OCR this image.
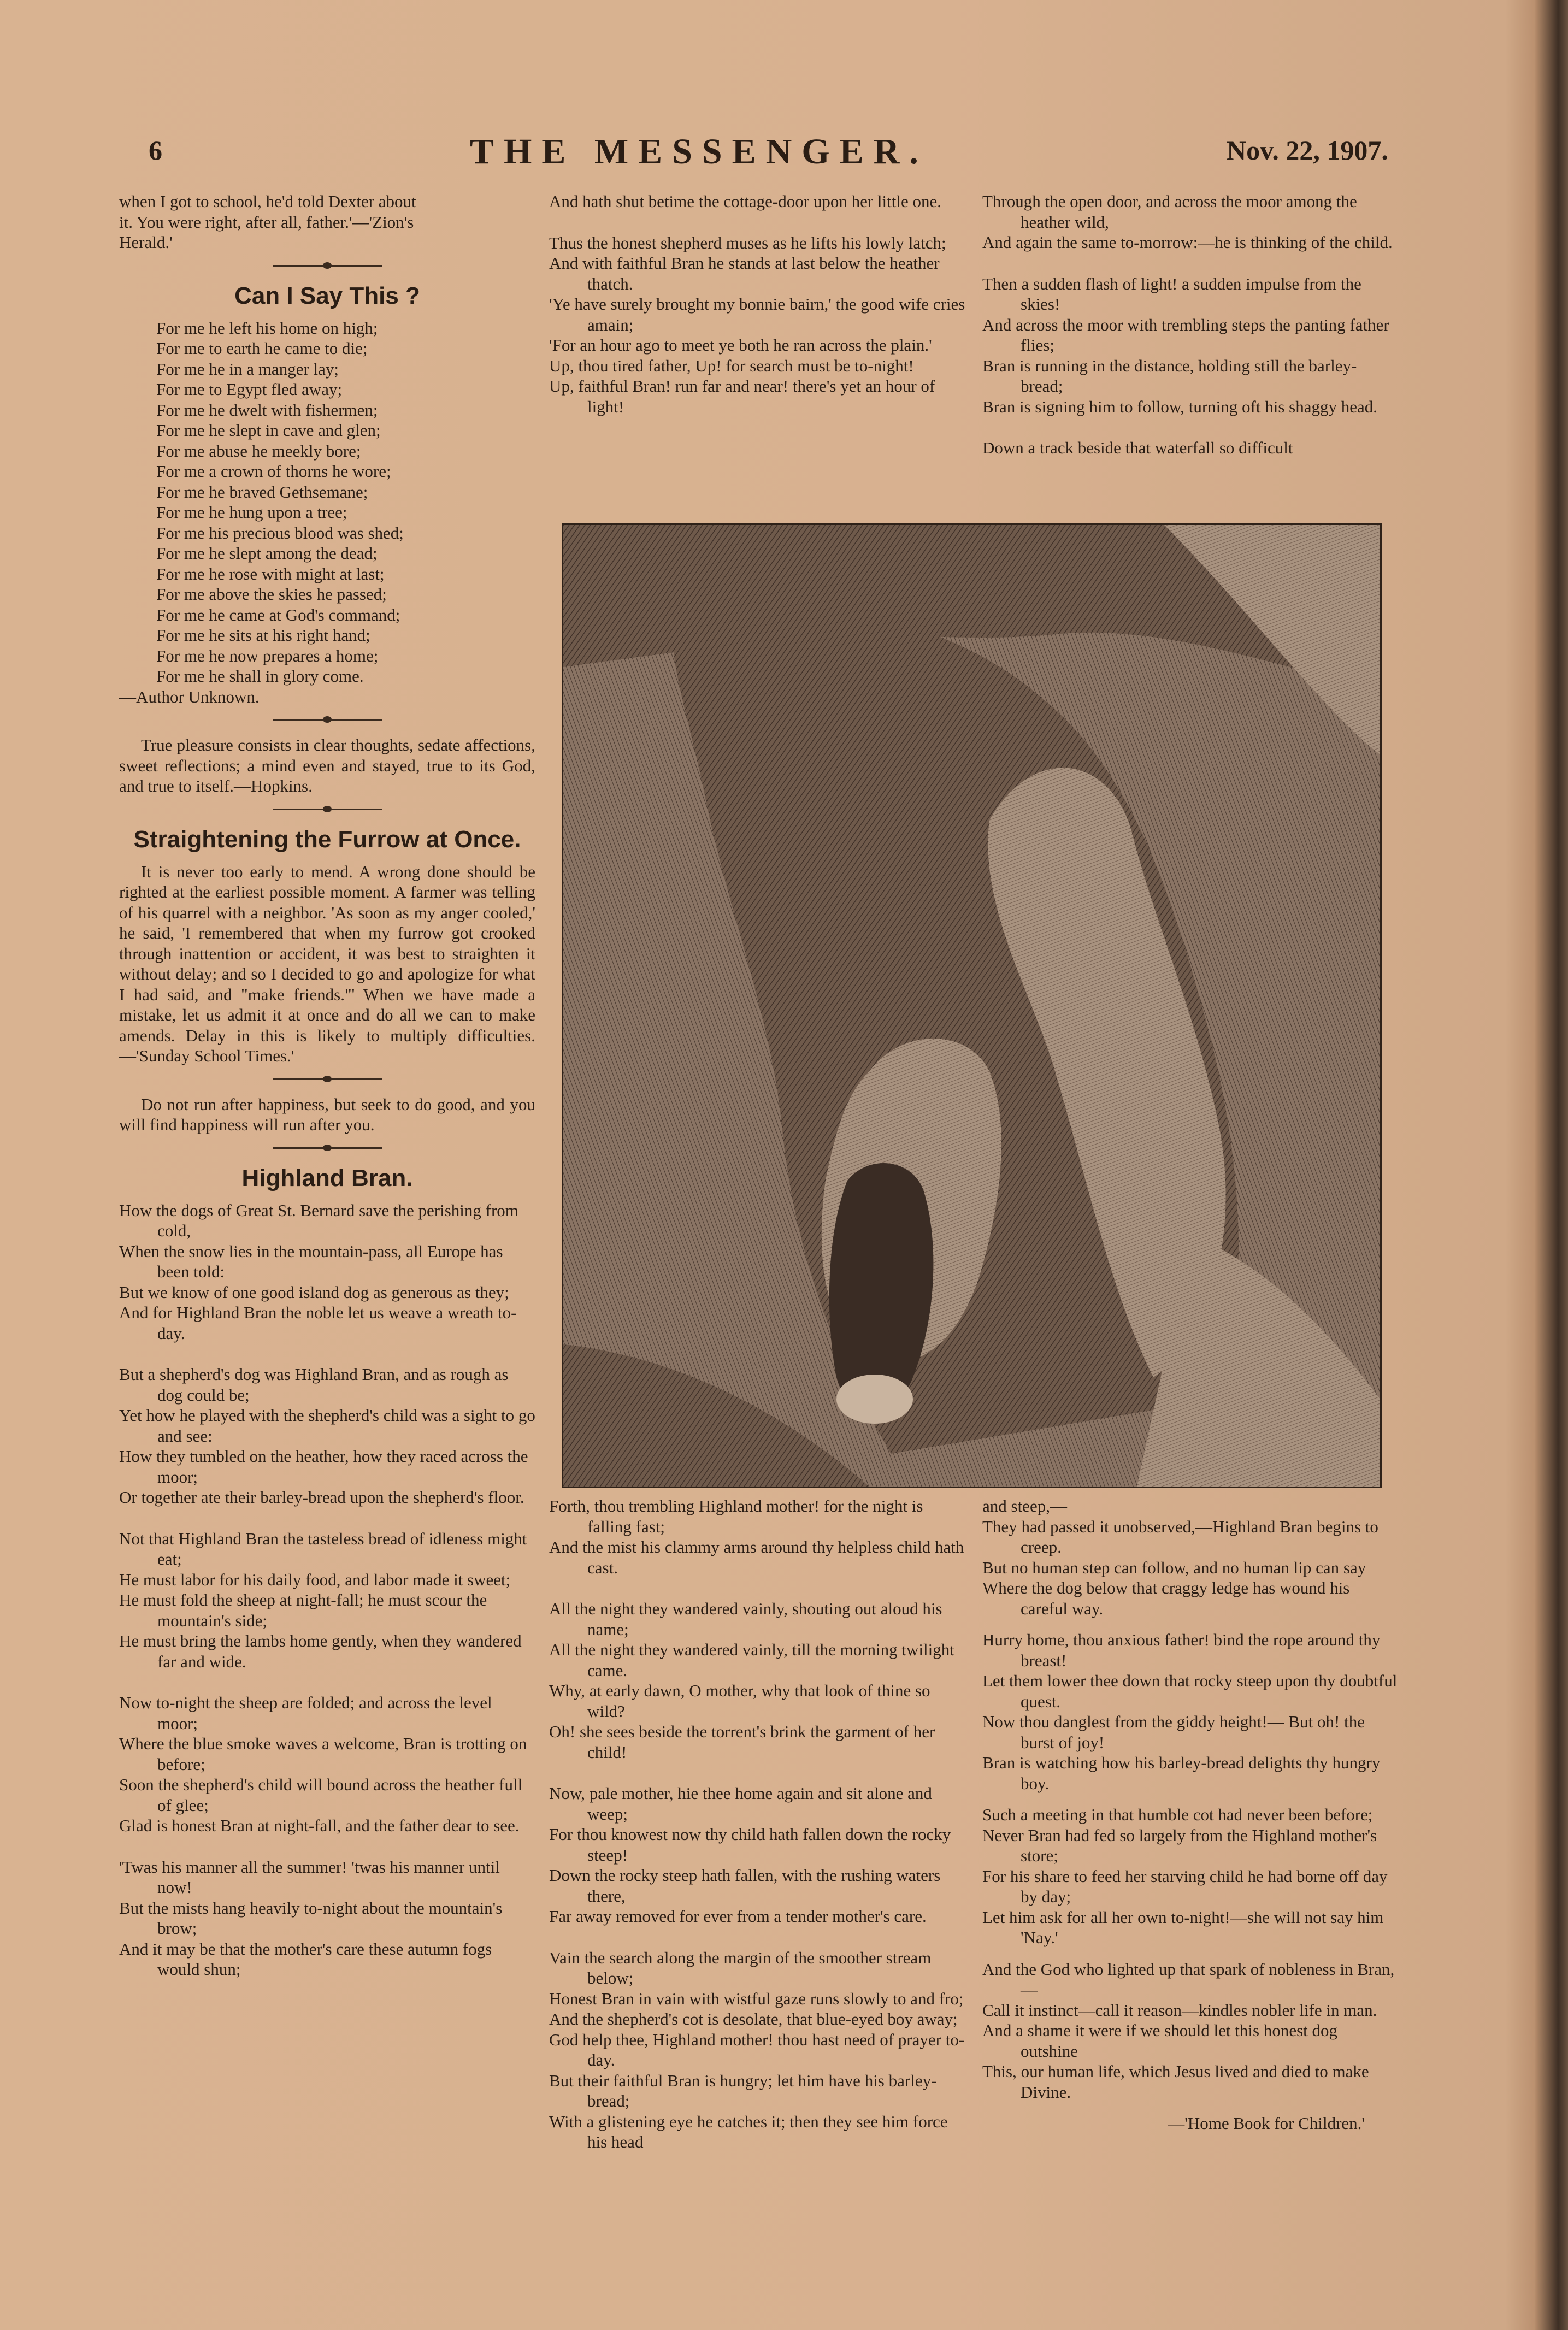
6	THE MESSENGER.	Nov. 22, 1907.

when I got to school, he'd told Dexter about

it. You were right, after all, father.'—'Zion's

Herald.'

Can I Say This ?
For me he left his home on high;
For me to earth he came to die;
For me he in a manger lay;
For me to Egypt fled away;
For me he dwelt with fishermen;
For me he slept in cave and glen;
For me abuse he meekly bore;
For me a crown of thorns he wore;
For me he braved Gethsemane;
For me he hung upon a tree;
For me his precious blood was shed;
For me he slept among the dead;
For me he rose with might at last;
For me above the skies he passed;
For me he came at God's command;
For me he sits at his right hand;
For me he now prepares a home;
For me he shall in glory come.

—Author Unknown.

True pleasure consists in clear thoughts, sedate affections, sweet reflections; a mind even and stayed, true to its God, and true to itself.—Hopkins.

Straightening the Furrow at Once.

It is never too early to mend. A wrong done should be righted at the earliest possible moment. A farmer was telling of his quarrel with a neighbor. 'As soon as my anger cooled,' he said, 'I remembered that when my furrow got crooked through inattention or accident, it was best to straighten it without delay; and so I decided to go and apologize for what I had said, and "make friends."' When we have made a mistake, let us admit it at once and do all we can to make amends. Delay in this is likely to multiply difficulties.—'Sunday School Times.'

Do not run after happiness, but seek to do good, and you will find happiness will run after you.

Highland Bran.
How the dogs of Great St. Bernard save the perishing from cold,
When the snow lies in the mountain-pass, all Europe has been told:
But we know of one good island dog as generous as they;
And for Highland Bran the noble let us weave a wreath to-day.
But a shepherd's dog was Highland Bran, and as rough as dog could be;
Yet how he played with the shepherd's child was a sight to go and see:
How they tumbled on the heather, how they raced across the moor;
Or together ate their barley-bread upon the shepherd's floor.
Not that Highland Bran the tasteless bread of idleness might eat;
He must labor for his daily food, and labor made it sweet;
He must fold the sheep at night-fall; he must scour the mountain's side;
He must bring the lambs home gently, when they wandered far and wide.
Now to-night the sheep are folded; and across the level moor;
Where the blue smoke waves a welcome, Bran is trotting on before;
Soon the shepherd's child will bound across the heather full of glee;
Glad is honest Bran at night-fall, and the father dear to see.
'Twas his manner all the summer! 'twas his manner until now!
But the mists hang heavily to-night about the mountain's brow;
And it may be that the mother's care these autumn fogs would shun;
And hath shut betime the cottage-door upon her little one.
Thus the honest shepherd muses as he lifts his lowly latch;
And with faithful Bran he stands at last below the heather thatch.
'Ye have surely brought my bonnie bairn,' the good wife cries amain;
'For an hour ago to meet ye both he ran across the plain.'
Up, thou tired father, Up! for search must be to-night!
Up, faithful Bran! run far and near! there's yet an hour of light!
Through the open door, and across the moor among the heather wild,
And again the same to-morrow:—he is thinking of the child.
Then a sudden flash of light! a sudden impulse from the skies!
And across the moor with trembling steps the panting father flies;
Bran is running in the distance, holding still the barley-bread;
Bran is signing him to follow, turning oft his shaggy head.
Down a track beside that waterfall so difficult
Forth, thou trembling Highland mother! for the night is falling fast;
And the mist his clammy arms around thy helpless child hath cast.
All the night they wandered vainly, shouting out aloud his name;
All the night they wandered vainly, till the morning twilight came.
Why, at early dawn, O mother, why that look of thine so wild?
Oh! she sees beside the torrent's brink the garment of her child!
Now, pale mother, hie thee home again and sit alone and weep;
For thou knowest now thy child hath fallen down the rocky steep!
Down the rocky steep hath fallen, with the rushing waters there,
Far away removed for ever from a tender mother's care.
Vain the search along the margin of the smoother stream below;
Honest Bran in vain with wistful gaze runs slowly to and fro;
And the shepherd's cot is desolate, that blue-eyed boy away;
God help thee, Highland mother! thou hast need of prayer to-day.
But their faithful Bran is hungry; let him have his barley-bread;
With a glistening eye he catches it; then they see him force his head
and steep,—
They had passed it unobserved,—Highland Bran begins to creep.
But no human step can follow, and no human lip can say
Where the dog below that craggy ledge has wound his careful way.
Hurry home, thou anxious father! bind the rope around thy breast!
Let them lower thee down that rocky steep upon thy doubtful quest.
Now thou danglest from the giddy height!— But oh! the burst of joy!
Bran is watching how his barley-bread delights thy hungry boy.
Such a meeting in that humble cot had never been before;
Never Bran had fed so largely from the Highland mother's store;
For his share to feed her starving child he had borne off day by day;
Let him ask for all her own to-night!—she will not say him 'Nay.'
And the God who lighted up that spark of nobleness in Bran,—
Call it instinct—call it reason—kindles nobler life in man.
And a shame it were if we should let this honest dog outshine
This, our human life, which Jesus lived and died to make Divine.

—'Home Book for Children.'
